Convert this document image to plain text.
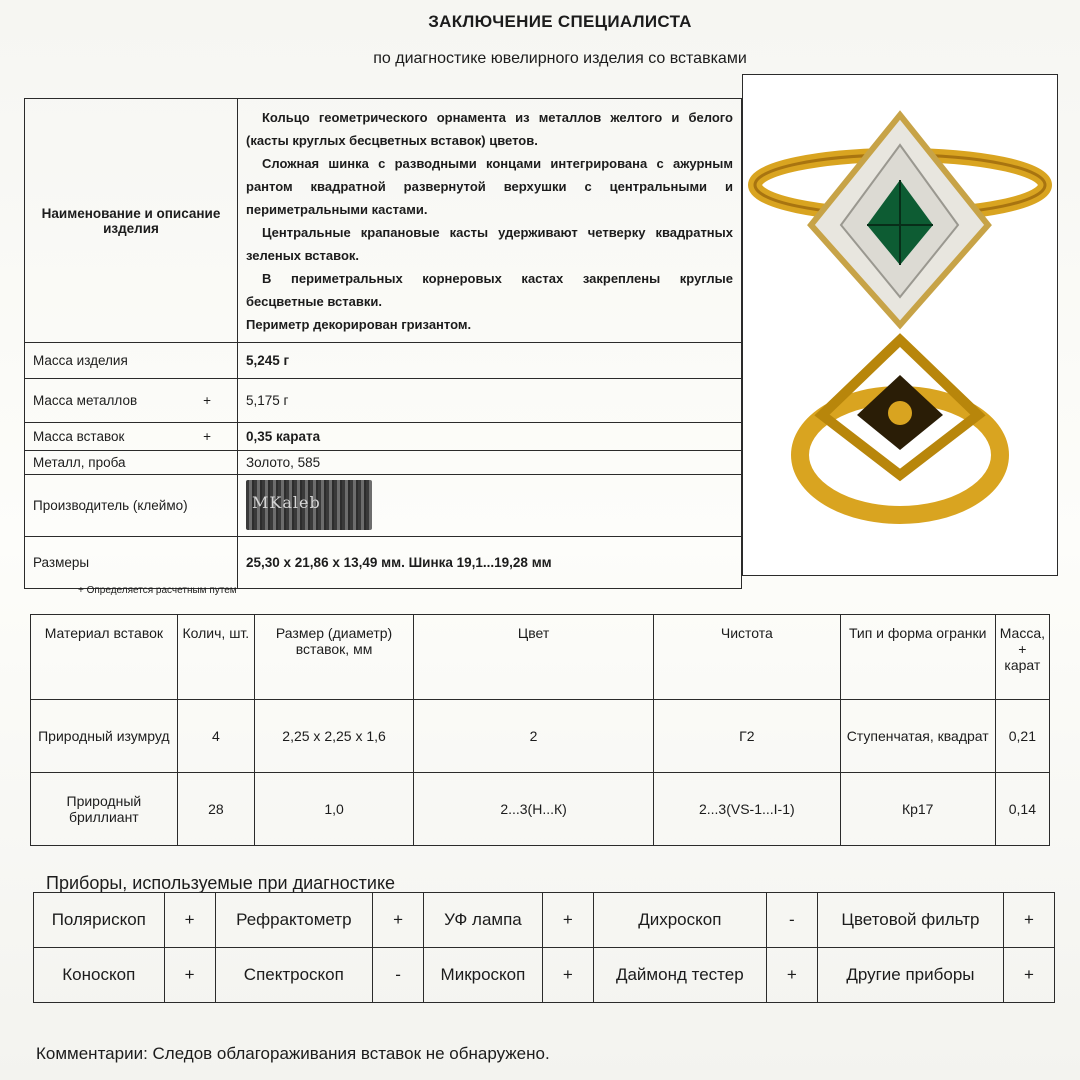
ЗАКЛЮЧЕНИЕ СПЕЦИАЛИСТА
по диагностике ювелирного изделия со вставками
Наименование и описание изделия	Кольцо геометрического орнамента из металлов желтого и белого (касты круглых бесцветных вставок) цветов.

Сложная шинка с разводными концами интегрирована с ажурным рантом квадратной развернутой верхушки с центральными и периметральными кастами.

Центральные крапановые касты удерживают четверку квадратных зеленых вставок.

В периметральных корнеровых кастах закреплены круглые бесцветные вставки.

Периметр декорирован гризантом.

Масса изделия	5,245 г
Масса металлов +	5,175 г
Масса вставок +	0,35 карата
Металл, проба	Золото, 585
Производитель (клеймо)	MKaleb

Размеры	25,30 х 21,86 х 13,49 мм. Шинка 19,1...19,28 мм
+ Определяется расчетным путем
Материал вставок	Колич, шт.	Размер (диаметр) вставок, мм	Цвет	Чистота	Тип и форма огранки	Масса, + карат
Природный изумруд	4	2,25 х 2,25 х 1,6	2	Г2	Ступенчатая, квадрат	0,21
Природный бриллиант	28	1,0	2...3(Н...К)	2...3(VS-1...I-1)	Кр17	0,14
Приборы, используемые при диагностике
Полярископ	+	Рефрактометр	+	УФ лампа	+	Дихроскоп	-	Цветовой фильтр	+
Коноскоп	+	Спектроскоп	-	Микроскоп	+	Даймонд тестер	+	Другие приборы	+
Комментарии: Следов облагораживания вставок не обнаружено.
